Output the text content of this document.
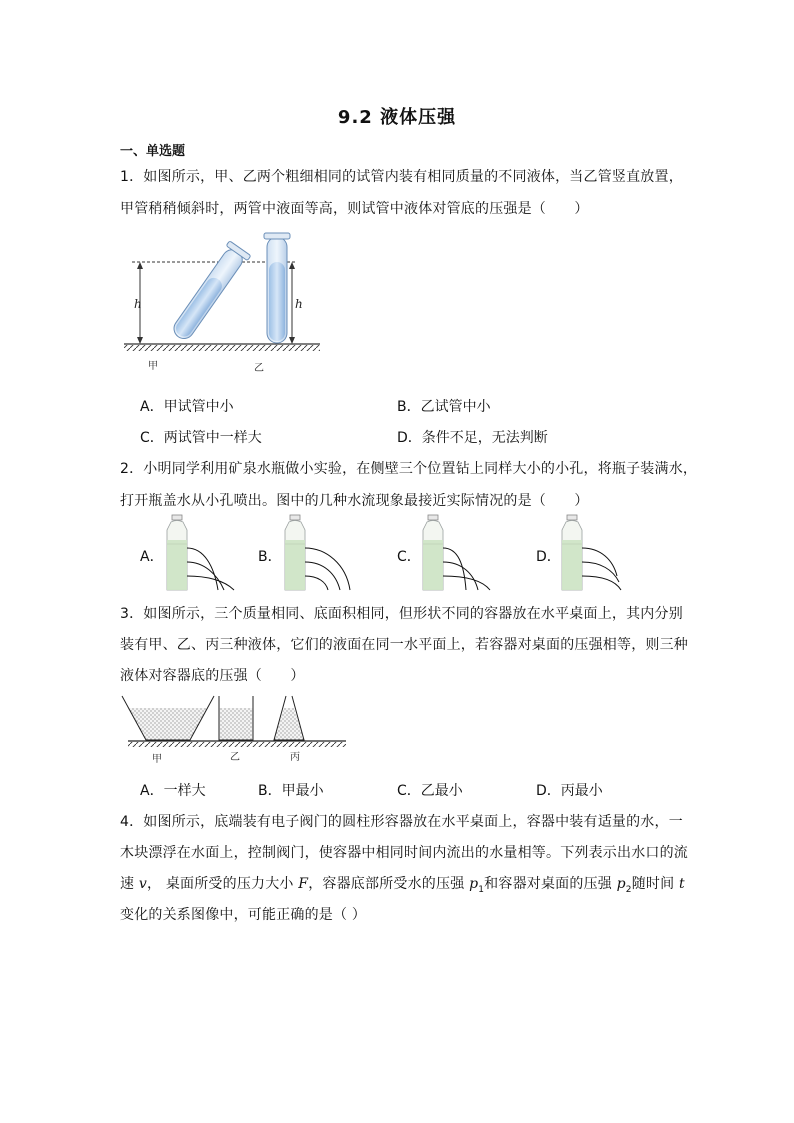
9.2 液体压强
一、单选题
1．如图所示，甲、乙两个粗细相同的试管内装有相同质量的不同液体，当乙管竖直放置，
甲管稍稍倾斜时，两管中液面等高，则试管中液体对管底的压强是（　　）
h	h
甲	乙
A．甲试管中小	B．乙试管中小
C．两试管中一样大	D．条件不足，无法判断
2．小明同学利用矿泉水瓶做小实验，在侧壁三个位置钻上同样大小的小孔，将瓶子装满水，
打开瓶盖水从小孔喷出。图中的几种水流现象最接近实际情况的是（　　）
A．	B．	C．	D．
3．如图所示，三个质量相同、底面积相同，但形状不同的容器放在水平桌面上，其内分别
装有甲、乙、丙三种液体，它们的液面在同一水平面上，若容器对桌面的压强相等，则三种
液体对容器底的压强（　　）
甲	乙	丙
A．一样大	B．甲最小	C．乙最小	D．丙最小
4．如图所示，底端装有电子阀门的圆柱形容器放在水平桌面上，容器中装有适量的水，一
木块漂浮在水面上，控制阀门，使容器中相同时间内流出的水量相等。下列表示出水口的流
速 v， 桌面所受的压力大小 F，容器底部所受水的压强 $p_1$和容器对桌面的压强 $p_2$随时间 t
变化的关系图像中，可能正确的是（ ）
